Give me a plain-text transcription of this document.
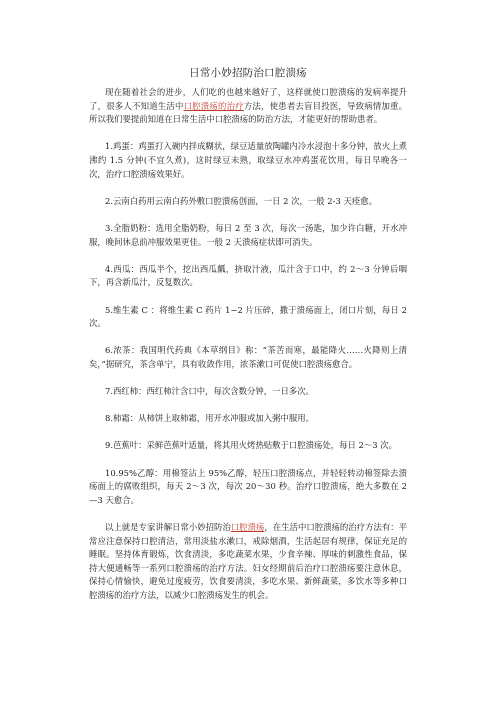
日常小妙招防治口腔溃疡

现在随着社会的进步，人们吃的也越来越好了，这样就使口腔溃疡的发病率提升了，很多人不知道生活中口腔溃疡的治疗方法，使患者去盲目投医，导致病情加重。所以我们要提前知道在日常生活中口腔溃疡的防治方法，才能更好的帮助患者。

1.鸡蛋：鸡蛋打入碗内拌成糊状，绿豆适量放陶罐内冷水浸泡十多分钟，放火上煮沸约 1.5 分钟(不宜久煮)，这时绿豆未熟，取绿豆水冲鸡蛋花饮用，每日早晚各一次，治疗口腔溃疡效果好。

2.云南白药用云南白药外敷口腔溃疡创面，一日 2 次，一般 2-3 天痊愈。

3.全脂奶粉：选用全脂奶粉，每日 2 至 3 次，每次一汤匙，加少许白糖，开水冲服，晚间休息前冲服效果更佳。一般 2 天溃疡症状即可消失。

4.西瓜：西瓜半个，挖出西瓜瓤，挤取汁液，瓜汁含于口中，约 2～3 分钟后咽下，再含新瓜汁，反复数次。

5.维生素 C ：将维生素 C 药片 1−2 片压碎，撒于溃疡面上，闭口片刻，每日 2 次。

6.浓茶：我国明代药典《本草纲目》称：“茶苦而寒，最能降火……火降则上清矣，”据研究，茶含单宁，具有收敛作用，浓茶漱口可促使口腔溃疡愈合。

7.西红柿：西红柿汁含口中，每次含数分钟，一日多次。

8.柿霜：从柿饼上取柿霜，用开水冲服或加入粥中服用。

9.芭蕉叶：采鲜芭蕉叶适量，将其用火烤热贴敷于口腔溃疡处，每日 2～3 次。

10.95%乙醇：用棉签沾上 95%乙醇，轻压口腔溃疡点，并轻轻转动棉签除去溃疡面上的腐败组织，每天 2～3 次，每次 20～30 秒。治疗口腔溃疡，绝大多数在 2—3 天愈合。

以上就是专家讲解日常小妙招防治口腔溃疡，在生活中口腔溃疡的治疗方法有：平常应注意保持口腔清洁，常用淡盐水漱口，戒除烟酒，生活起居有规律，保证充足的睡眠。坚持体育锻炼，饮食清淡，多吃蔬菜水果，少食辛辣、厚味的刺激性食品，保持大便通畅等一系列口腔溃疡的治疗方法。妇女经期前后治疗口腔溃疡要注意休息，保持心情愉快，避免过度疲劳，饮食要清淡，多吃水果、新鲜蔬菜，多饮水等多种口腔溃疡的治疗方法，以减少口腔溃疡发生的机会。
